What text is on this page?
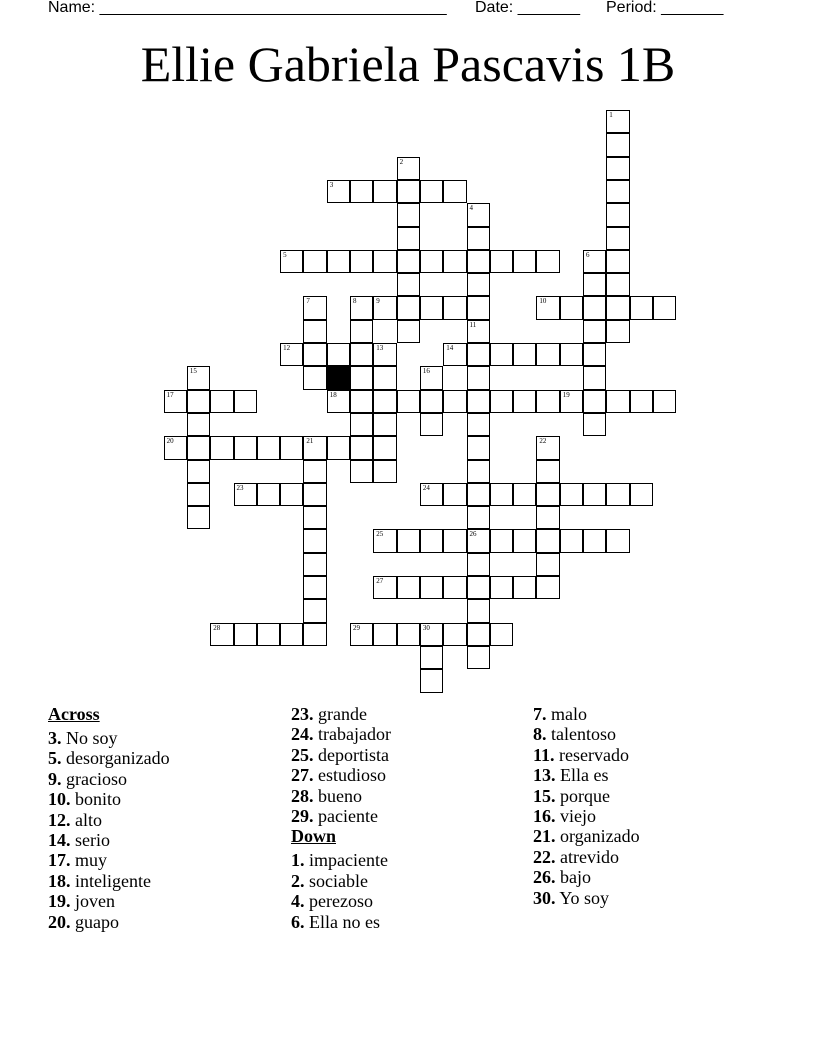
Name: _______________________________________ Date: _______ Period: _______
Ellie Gabriela Pascavis 1B
1
2
3
4
11
5	6
7	8	9	10
26
12	13	14
15	16
17	18	19
20	21	22
23	24
25
27
28	29	30
Across
3. No soy
5. desorganizado
9. gracioso
10. bonito
12. alto
14. serio
17. muy
18. inteligente
19. joven
20. guapo
23. grande
24. trabajador
25. deportista
27. estudioso
28. bueno
29. paciente
Down
1. impaciente
2. sociable
4. perezoso
6. Ella no es
7. malo
8. talentoso
11. reservado
13. Ella es
15. porque
16. viejo
21. organizado
22. atrevido
26. bajo
30. Yo soy
